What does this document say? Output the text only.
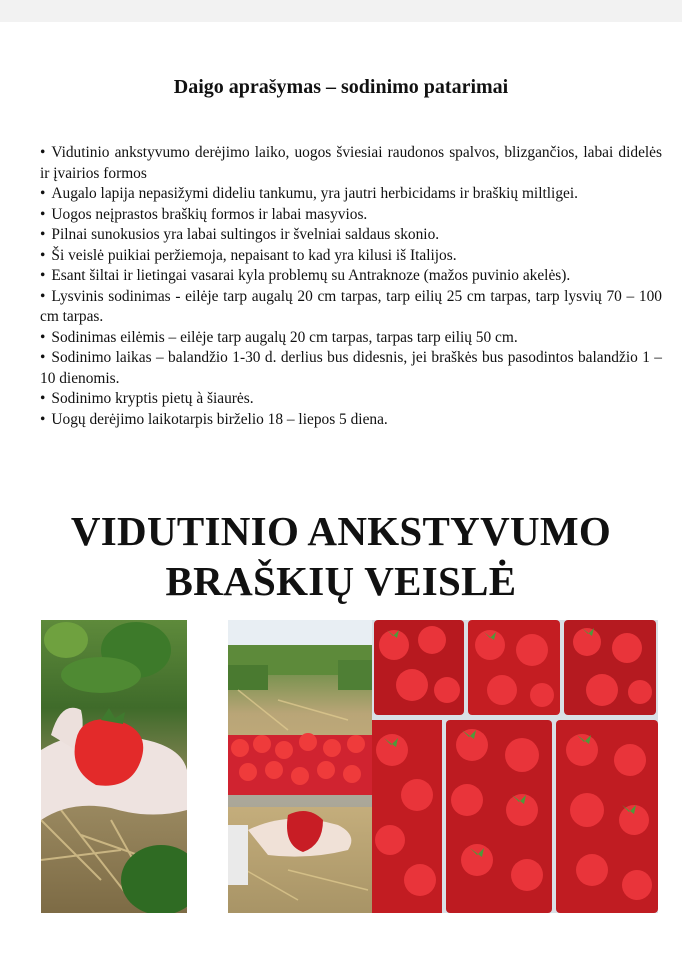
Daigo aprašymas – sodinimo patarimai

• Vidutinio ankstyvumo derėjimo laiko, uogos šviesiai raudonos spalvos, blizgančios, labai didelės ir įvairios formos

• Augalo lapija nepasižymi dideliu tankumu, yra jautri herbicidams ir braškių miltligei.

• Uogos neįprastos braškių formos ir labai masyvios.

• Pilnai sunokusios yra labai sultingos ir švelniai saldaus skonio.

• Ši veislė puikiai peržiemoja, nepaisant to kad yra kilusi iš Italijos.

• Esant šiltai ir lietingai vasarai kyla problemų su Antraknoze (mažos puvinio akelės).

• Lysvinis sodinimas - eilėje tarp augalų 20 cm tarpas, tarp eilių 25 cm tarpas, tarp lysvių 70 – 100 cm tarpas.

• Sodinimas eilėmis – eilėje tarp augalų 20 cm tarpas, tarpas tarp eilių 50 cm.

• Sodinimo laikas – balandžio 1-30 d. derlius bus didesnis, jei braškės bus pasodintos balandžio 1 – 10 dienomis.

• Sodinimo kryptis pietų à šiaurės.

• Uogų derėjimo laikotarpis birželio 18 – liepos 5 diena.

VIDUTINIO ANKSTYVUMO
BRAŠKIŲ VEISLĖ
